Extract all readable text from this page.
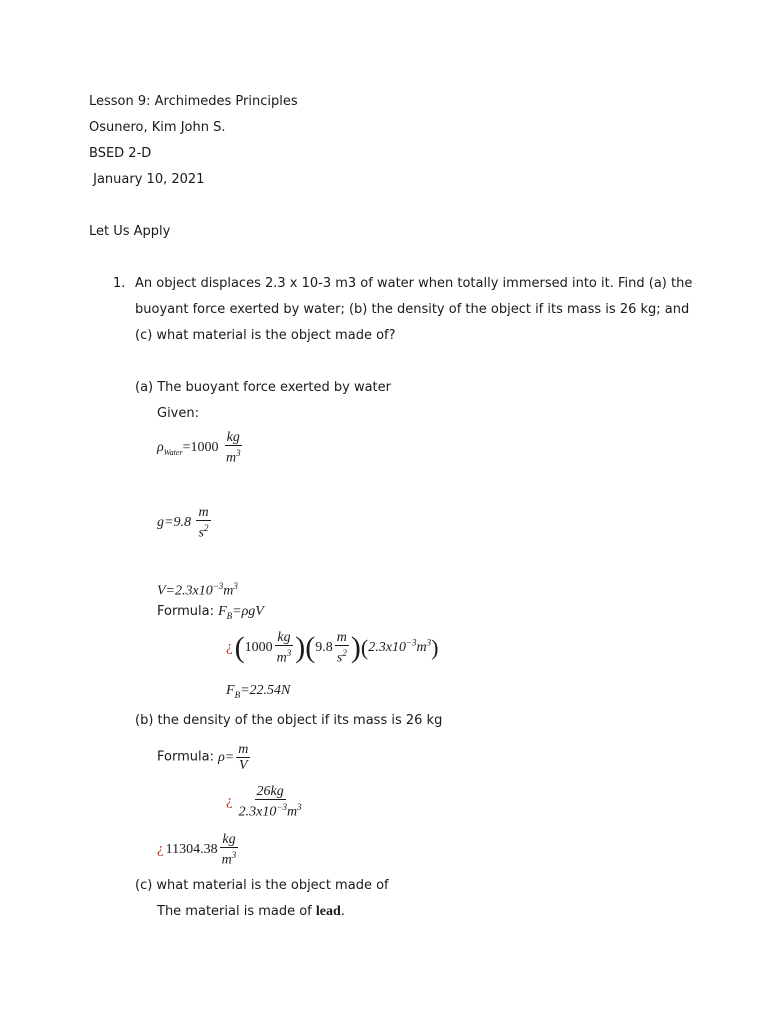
Lesson 9: Archimedes Principles
Osunero, Kim John S.
BSED 2-D
January 10, 2021
Let Us Apply
1. An object displaces 2.3 x 10-3 m3 of water when totally immersed into it. Find (a) the
buoyant force exerted by water; (b) the density of the object if its mass is 26 kg; and
(c) what material is the object made of?
(a) The buoyant force exerted by water
Given:
$\rho_{Water}=1000 \frac{kg}{m^3}$
$g=9.8 \frac{m}{s^2}$
$V=2.3x10^{-3}m^3$
Formula: $F_B=\rho gV$
¿$(1000 \frac{kg}{m^3} )(9.8 \frac{m}{s^2} )(2.3x10^{-3}m^3)$
$F_B=22.54N$
(b) the density of the object if its mass is 26 kg
Formula: $\rho= \frac{m}{V}$
¿ $\frac{26kg}{2.3x10^{-3}m^3}$
¿ $11304.38 \frac{kg}{m^3}$
(c) what material is the object made of
The material is made of lead.
